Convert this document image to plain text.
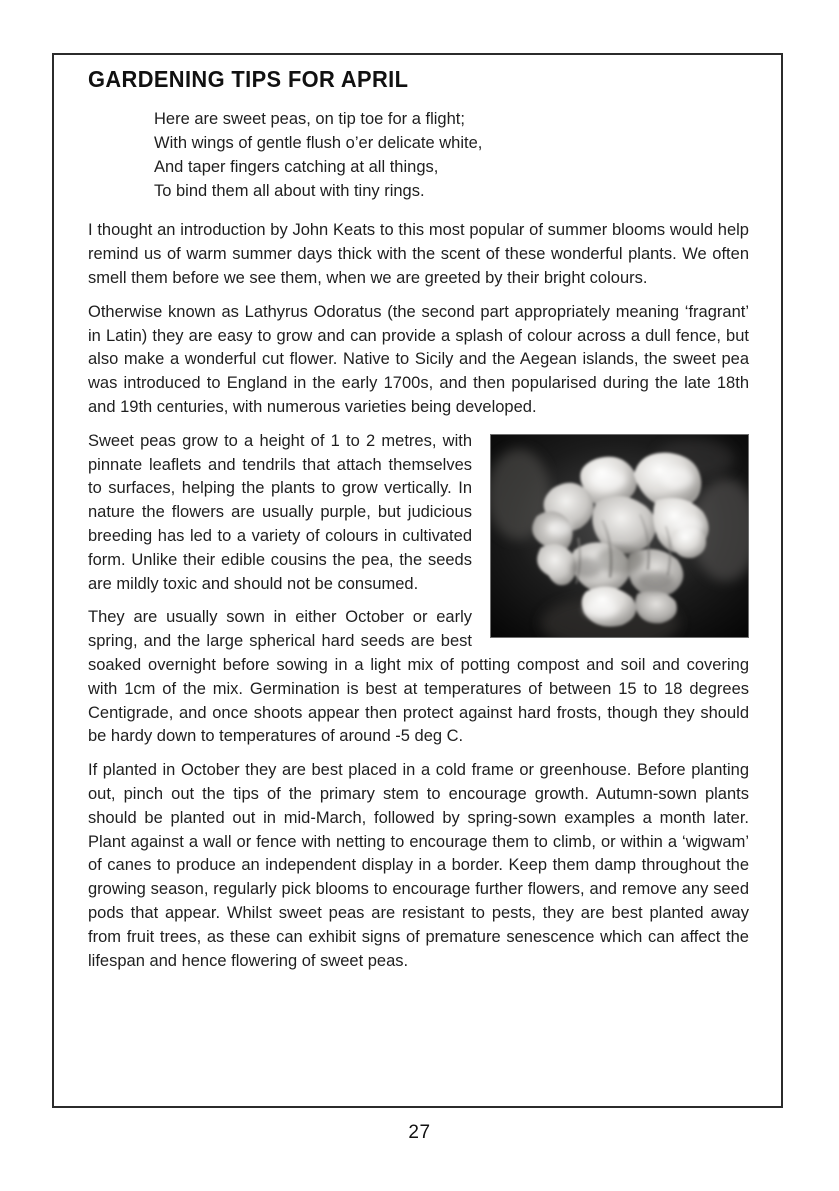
GARDENING TIPS FOR APRIL
Here are sweet peas, on tip toe for a flight;
With wings of gentle flush o’er delicate white,
And taper fingers catching at all things,
To bind them all about with tiny rings.

I thought an introduction by John Keats to this most popular of summer blooms would help remind us of warm summer days thick with the scent of these wonderful plants. We often smell them before we see them, when we are greeted by their bright colours.

Otherwise known as Lathyrus Odoratus (the second part appropriately meaning ‘fragrant’ in Latin) they are easy to grow and can provide a splash of colour across a dull fence, but also make a wonderful cut flower. Native to Sicily and the Aegean islands, the sweet pea was introduced to England in the early 1700s, and then popularised during the late 18th and 19th centuries, with numerous varieties being developed.

Sweet peas grow to a height of 1 to 2 metres, with pinnate leaflets and tendrils that attach themselves to surfaces, helping the plants to grow vertically. In nature the flowers are usually purple, but judicious breeding has led to a variety of colours in cultivated form. Unlike their edible cousins the pea, the seeds are mildly toxic and should not be consumed.

They are usually sown in either October or early spring, and the large spherical hard seeds are best soaked overnight before sowing in a light mix of potting compost and soil and covering with 1cm of the mix. Germination is best at temperatures of between 15 to 18 degrees Centigrade, and once shoots appear then protect against hard frosts, though they should be hardy down to temperatures of around -5 deg C.

If planted in October they are best placed in a cold frame or greenhouse. Before planting out, pinch out the tips of the primary stem to encourage growth. Autumn-sown plants should be planted out in mid-March, followed by spring-sown examples a month later. Plant against a wall or fence with netting to encourage them to climb, or within a ‘wigwam’ of canes to produce an independent display in a border. Keep them damp throughout the growing season, regularly pick blooms to encourage further flowers, and remove any seed pods that appear. Whilst sweet peas are resistant to pests, they are best planted away from fruit trees, as these can exhibit signs of premature senescence which can affect the lifespan and hence flowering of sweet peas.

27
